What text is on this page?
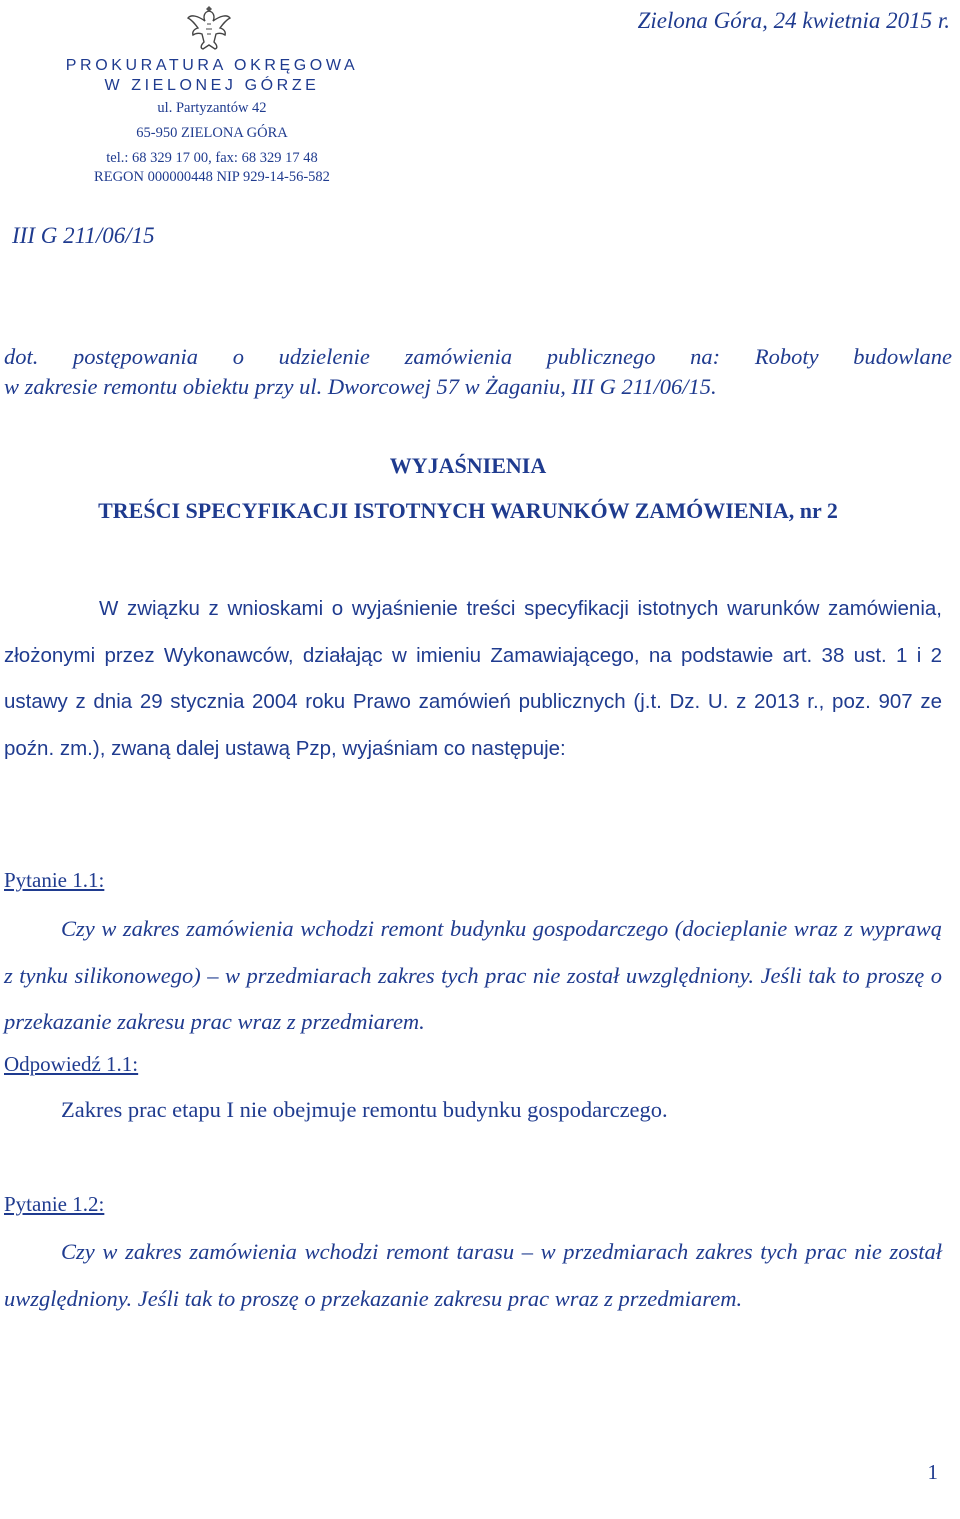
PROKURATURA OKRĘGOWA
W ZIELONEJ GÓRZE
ul. Partyzantów 42
65-950 ZIELONA GÓRA
tel.: 68 329 17 00, fax: 68 329 17 48
REGON 000000448 NIP 929-14-56-582
Zielona Góra, 24 kwietnia 2015 r.
III G 211/06/15
dot. postępowania o udzielenie zamówienia publicznego na: Roboty budowlane
w zakresie remontu obiektu przy ul. Dworcowej 57 w Żaganiu, III G 211/06/15.
WYJAŚNIENIA
TREŚCI SPECYFIKACJI ISTOTNYCH WARUNKÓW ZAMÓWIENIA, nr 2
W związku z wnioskami o wyjaśnienie treści specyfikacji istotnych warunków zamówienia, złożonymi przez Wykonawców, działając w imieniu Zamawiającego, na podstawie art. 38 ust. 1 i 2 ustawy z dnia 29 stycznia 2004 roku Prawo zamówień publicznych (j.t. Dz. U. z 2013 r., poz. 907 ze poźn. zm.), zwaną dalej ustawą Pzp, wyjaśniam co następuje:
Pytanie 1.1:
Czy w zakres zamówienia wchodzi remont budynku gospodarczego (docieplanie wraz z wyprawą z tynku silikonowego) – w przedmiarach zakres tych prac nie został uwzględniony. Jeśli tak to proszę o przekazanie zakresu prac wraz z przedmiarem.
Odpowiedź 1.1:
Zakres prac etapu I nie obejmuje remontu budynku gospodarczego.
Pytanie 1.2:
Czy w zakres zamówienia wchodzi remont tarasu – w przedmiarach zakres tych prac nie został uwzględniony. Jeśli tak to proszę o przekazanie zakresu prac wraz z przedmiarem.
1
